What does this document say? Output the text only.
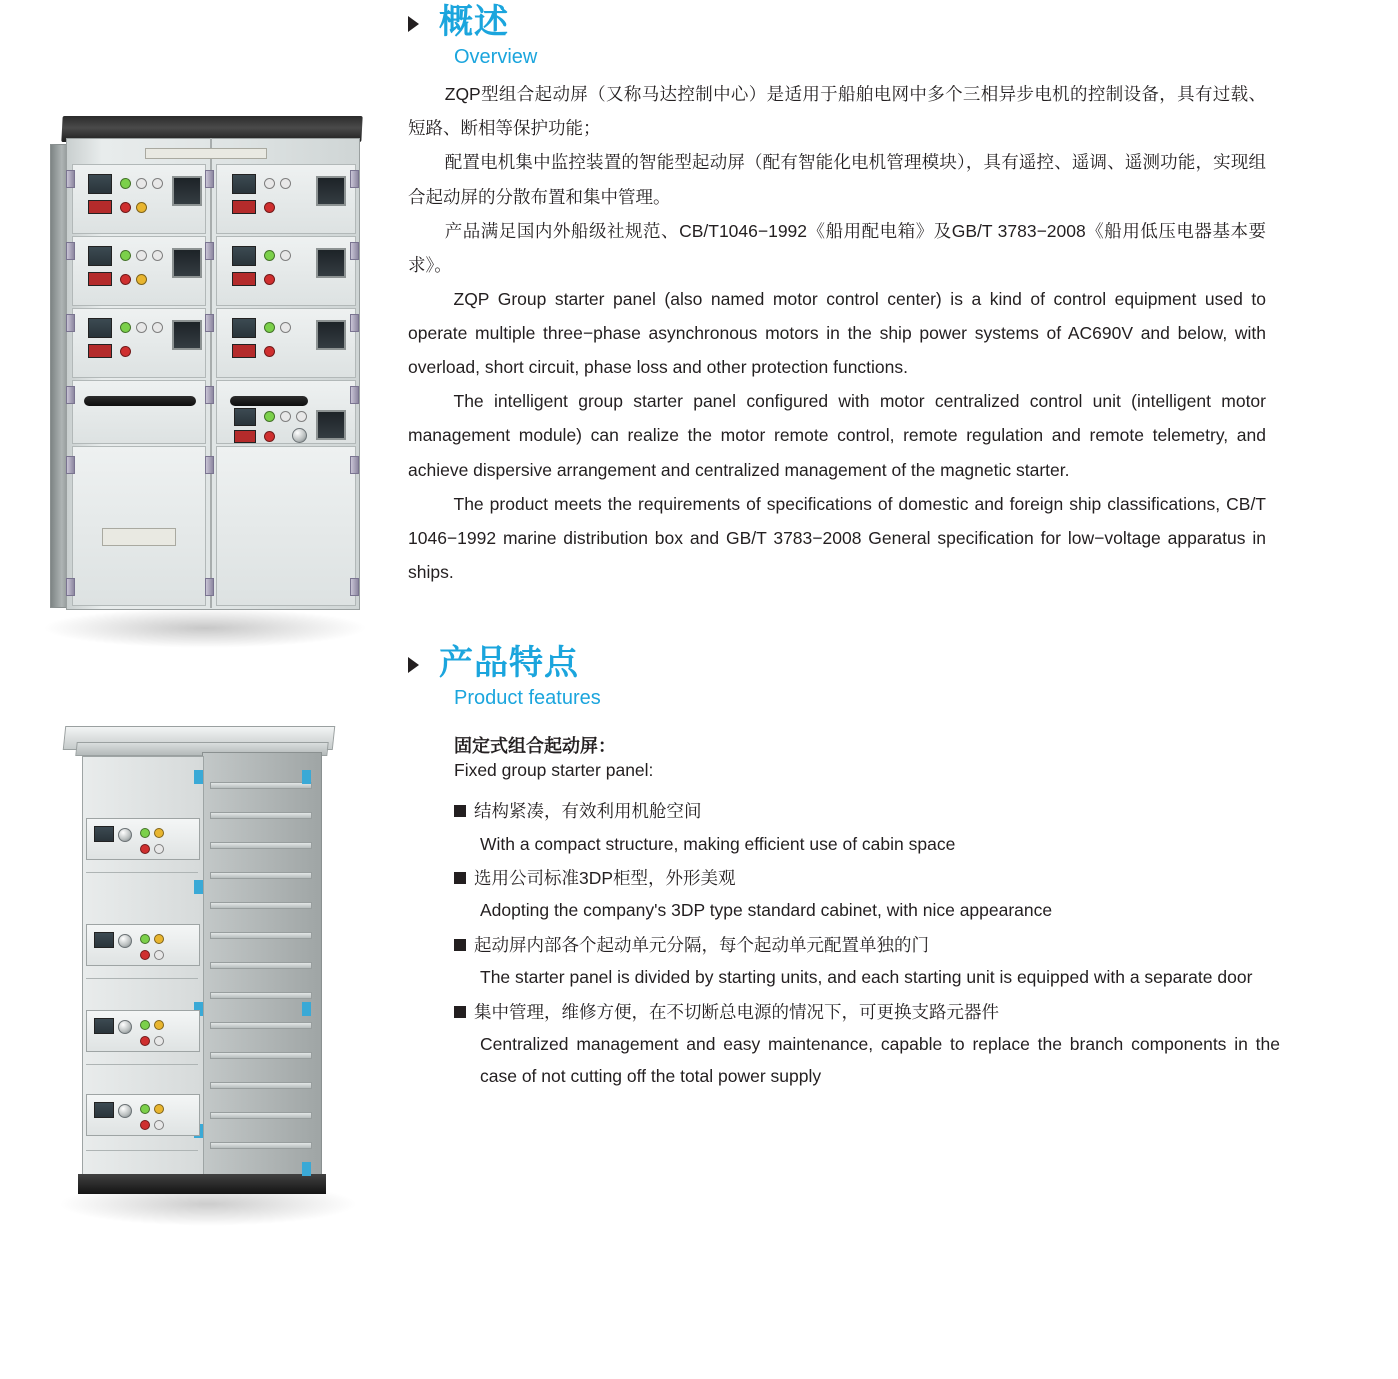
概述
Overview

ZQP型组合起动屏（又称马达控制中心）是适用于船舶电网中多个三相异步电机的控制设备，具有过载、短路、断相等保护功能；

配置电机集中监控装置的智能型起动屏（配有智能化电机管理模块），具有遥控、遥调、遥测功能，实现组合起动屏的分散布置和集中管理。

产品满足国内外船级社规范、CB/T1046−1992《船用配电箱》及GB/T 3783−2008《船用低压电器基本要求》。

ZQP Group starter panel (also named motor control center) is a kind of control equipment used to operate multiple three−phase asynchronous motors in the ship power systems of AC690V and below, with overload, short circuit, phase loss and other protection functions.

The intelligent group starter panel configured with motor centralized control unit (intelligent motor management module) can realize the motor remote control, remote regulation and remote telemetry, and achieve dispersive arrangement and centralized management of the magnetic starter.

The product meets the requirements of specifications of domestic and foreign ship classifications, CB/T 1046−1992 marine distribution box and GB/T 3783−2008 General specification for low−voltage apparatus in ships.

产品特点
Product features
固定式组合起动屏：
Fixed group starter panel:
结构紧凑，有效利用机舱空间
With a compact structure, making efficient use of cabin space
选用公司标准3DP柜型，外形美观
Adopting the company's 3DP type standard cabinet, with nice appearance
起动屏内部各个起动单元分隔，每个起动单元配置单独的门
The starter panel is divided by starting units, and each starting unit is equipped with a separate door
集中管理，维修方便，在不切断总电源的情况下，可更换支路元器件
Centralized management and easy maintenance, capable to replace the branch components in the case of not cutting off the total power supply
